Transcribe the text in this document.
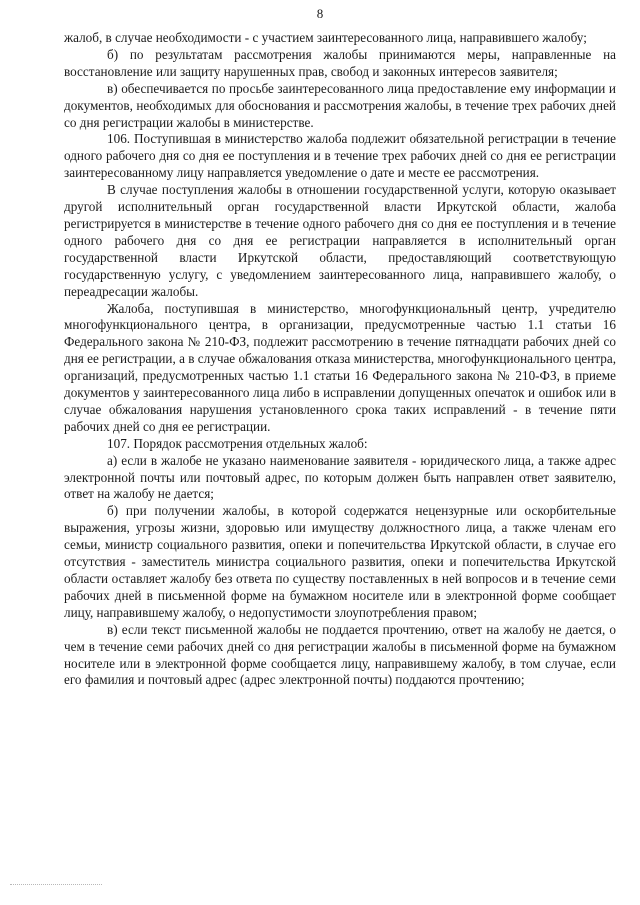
8

жалоб, в случае необходимости - с участием заинтересованного лица, направившего жалобу;

б) по результатам рассмотрения жалобы принимаются меры, направленные на восстановление или защиту нарушенных прав, свобод и законных интересов заявителя;

в) обеспечивается по просьбе заинтересованного лица предоставление ему информации и документов, необходимых для обоснования и рассмотрения жалобы, в течение трех рабочих дней со дня регистрации жалобы в министерстве.

106. Поступившая в министерство жалоба подлежит обязательной регистрации в течение одного рабочего дня со дня ее поступления и в течение трех рабочих дней со дня ее регистрации заинтересованному лицу направляется уведомление о дате и месте ее рассмотрения.

В случае поступления жалобы в отношении государственной услуги, которую оказывает другой исполнительный орган государственной власти Иркутской области, жалоба регистрируется в министерстве в течение одного рабочего дня со дня ее поступления и в течение одного рабочего дня со дня ее регистрации направляется в исполнительный орган государственной власти Иркутской области, предоставляющий соответствующую государственную услугу, с уведомлением заинтересованного лица, направившего жалобу, о переадресации жалобы.

Жалоба, поступившая в министерство, многофункциональный центр, учредителю многофункционального центра, в организации, предусмотренные частью 1.1 статьи 16 Федерального закона № 210-ФЗ, подлежит рассмотрению в течение пятнадцати рабочих дней со дня ее регистрации, а в случае обжалования отказа министерства, многофункционального центра, организаций, предусмотренных частью 1.1 статьи 16 Федерального закона № 210-ФЗ, в приеме документов у заинтересованного лица либо в исправлении допущенных опечаток и ошибок или в случае обжалования нарушения установленного срока таких исправлений - в течение пяти рабочих дней со дня ее регистрации.

107. Порядок рассмотрения отдельных жалоб:

а) если в жалобе не указано наименование заявителя - юридического лица, а также адрес электронной почты или почтовый адрес, по которым должен быть направлен ответ заявителю, ответ на жалобу не дается;

б) при получении жалобы, в которой содержатся нецензурные или оскорбительные выражения, угрозы жизни, здоровью или имуществу должностного лица, а также членам его семьи, министр социального развития, опеки и попечительства Иркутской области, в случае его отсутствия - заместитель министра социального развития, опеки и попечительства Иркутской области оставляет жалобу без ответа по существу поставленных в ней вопросов и в течение семи рабочих дней в письменной форме на бумажном носителе или в электронной форме сообщает лицу, направившему жалобу, о недопустимости злоупотребления правом;

в) если текст письменной жалобы не поддается прочтению, ответ на жалобу не дается, о чем в течение семи рабочих дней со дня регистрации жалобы в письменной форме на бумажном носителе или в электронной форме сообщается лицу, направившему жалобу, в том случае, если его фамилия и почтовый адрес (адрес электронной почты) поддаются прочтению;
